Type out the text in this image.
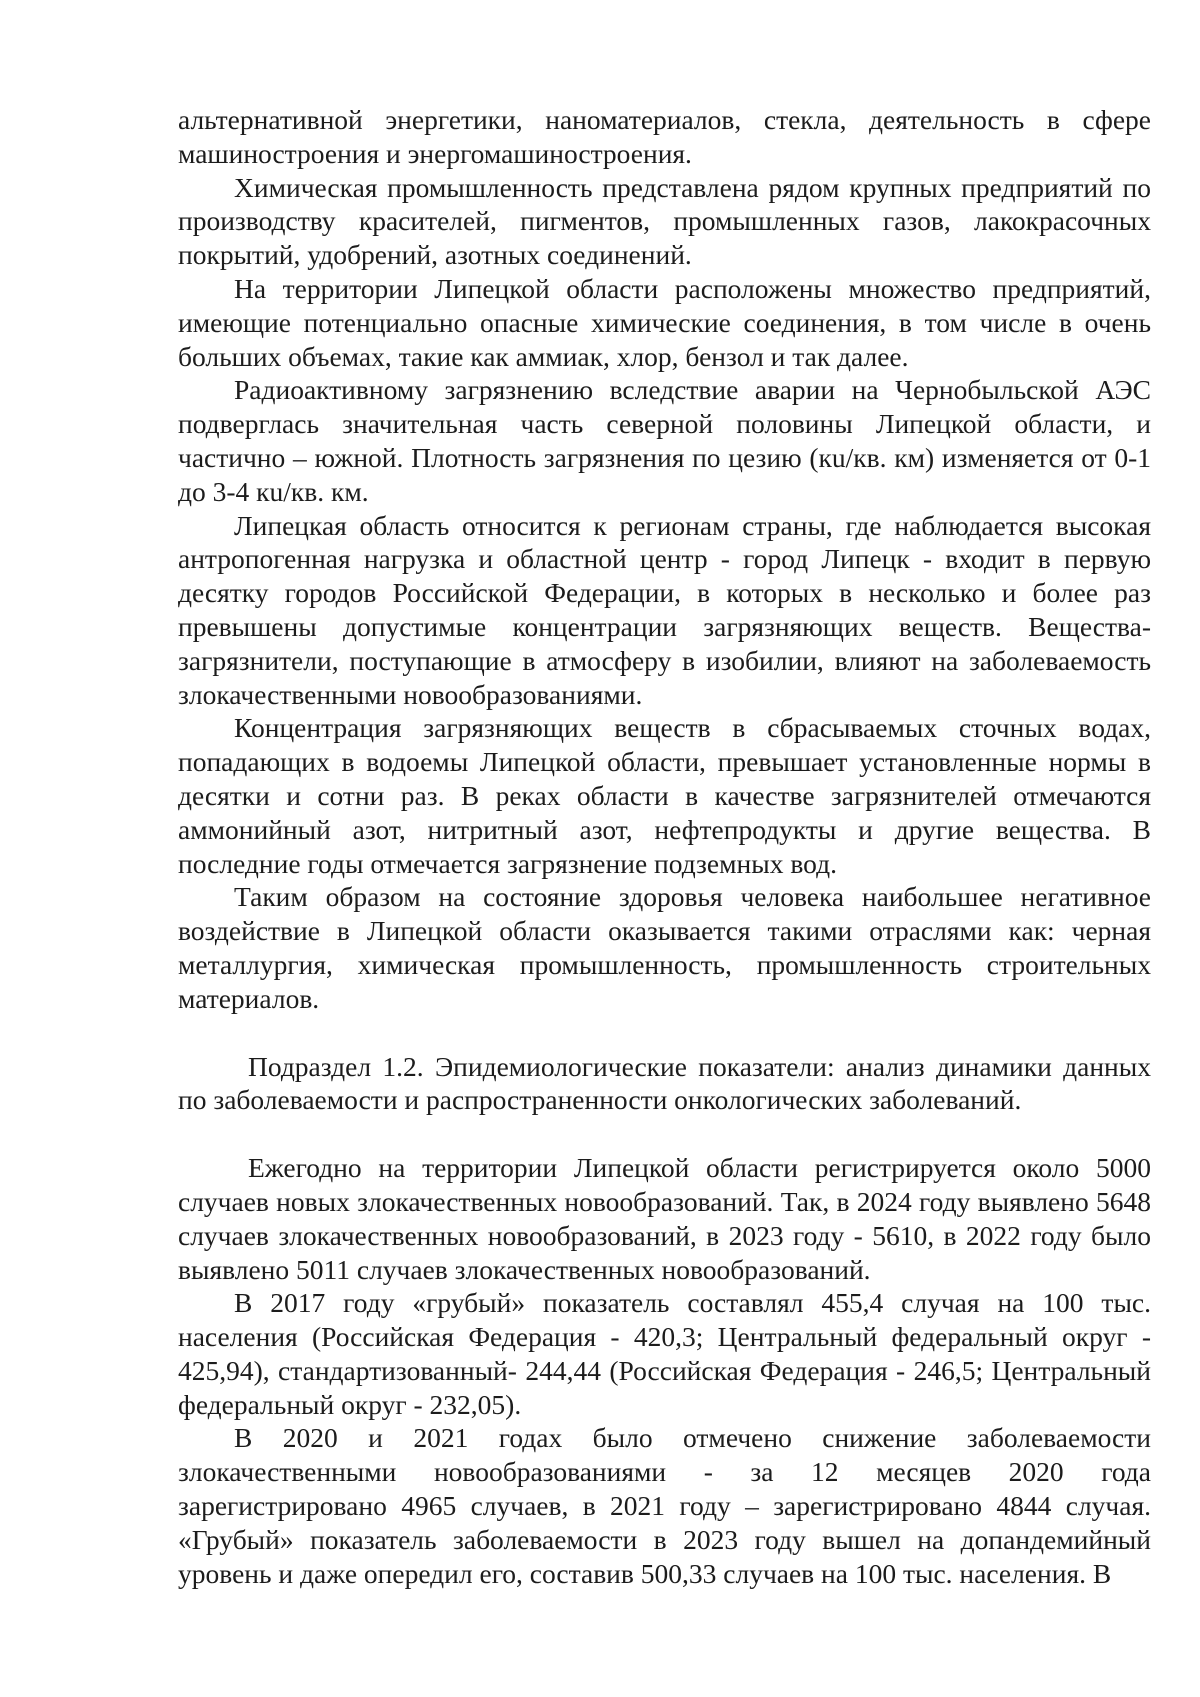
альтернативной энергетики, наноматериалов, стекла, деятельность в сфере машиностроения и энергомашиностроения.

Химическая промышленность представлена рядом крупных предприятий по производству красителей, пигментов, промышленных газов, лакокрасочных покрытий, удобрений, азотных соединений.

На территории Липецкой области расположены множество предприятий, имеющие потенциально опасные химические соединения, в том числе в очень больших объемах, такие как аммиак, хлор, бензол и так далее.

Радиоактивному загрязнению вследствие аварии на Чернобыльской АЭС подверглась значительная часть северной половины Липецкой области, и частично – южной. Плотность загрязнения по цезию (кu/кв. км) изменяется от 0-1 до 3-4 кu/кв. км.

Липецкая область относится к регионам страны, где наблюдается высокая антропогенная нагрузка и областной центр - город Липецк - входит в первую десятку городов Российской Федерации, в которых в несколько и более раз превышены допустимые концентрации загрязняющих веществ. Вещества-загрязнители, поступающие в атмосферу в изобилии, влияют на заболеваемость злокачественными новообразованиями.

Концентрация загрязняющих веществ в сбрасываемых сточных водах, попадающих в водоемы Липецкой области, превышает установленные нормы в десятки и сотни раз. В реках области в качестве загрязнителей отмечаются аммонийный азот, нитритный азот, нефтепродукты и другие вещества. В последние годы отмечается загрязнение подземных вод.

Таким образом на состояние здоровья человека наибольшее негативное воздействие в Липецкой области оказывается такими отраслями как: черная металлургия, химическая промышленность, промышленность строительных материалов.

Подраздел 1.2. Эпидемиологические показатели: анализ динамики данных по заболеваемости и распространенности онкологических заболеваний.

Ежегодно на территории Липецкой области регистрируется около 5000 случаев новых злокачественных новообразований. Так, в 2024 году выявлено 5648 случаев злокачественных новообразований, в 2023 году - 5610, в 2022 году было выявлено 5011 случаев злокачественных новообразований.

В 2017 году «грубый» показатель составлял 455,4 случая на 100 тыс. населения (Российская Федерация - 420,3; Центральный федеральный округ - 425,94), стандартизованный- 244,44 (Российская Федерация - 246,5; Центральный федеральный округ - 232,05).

В 2020 и 2021 годах было отмечено снижение заболеваемости злокачественными новообразованиями - за 12 месяцев 2020 года зарегистрировано 4965 случаев, в 2021 году – зарегистрировано 4844 случая. «Грубый» показатель заболеваемости в 2023 году вышел на допандемийный уровень и даже опередил его, составив 500,33 случаев на 100 тыс. населения. В
